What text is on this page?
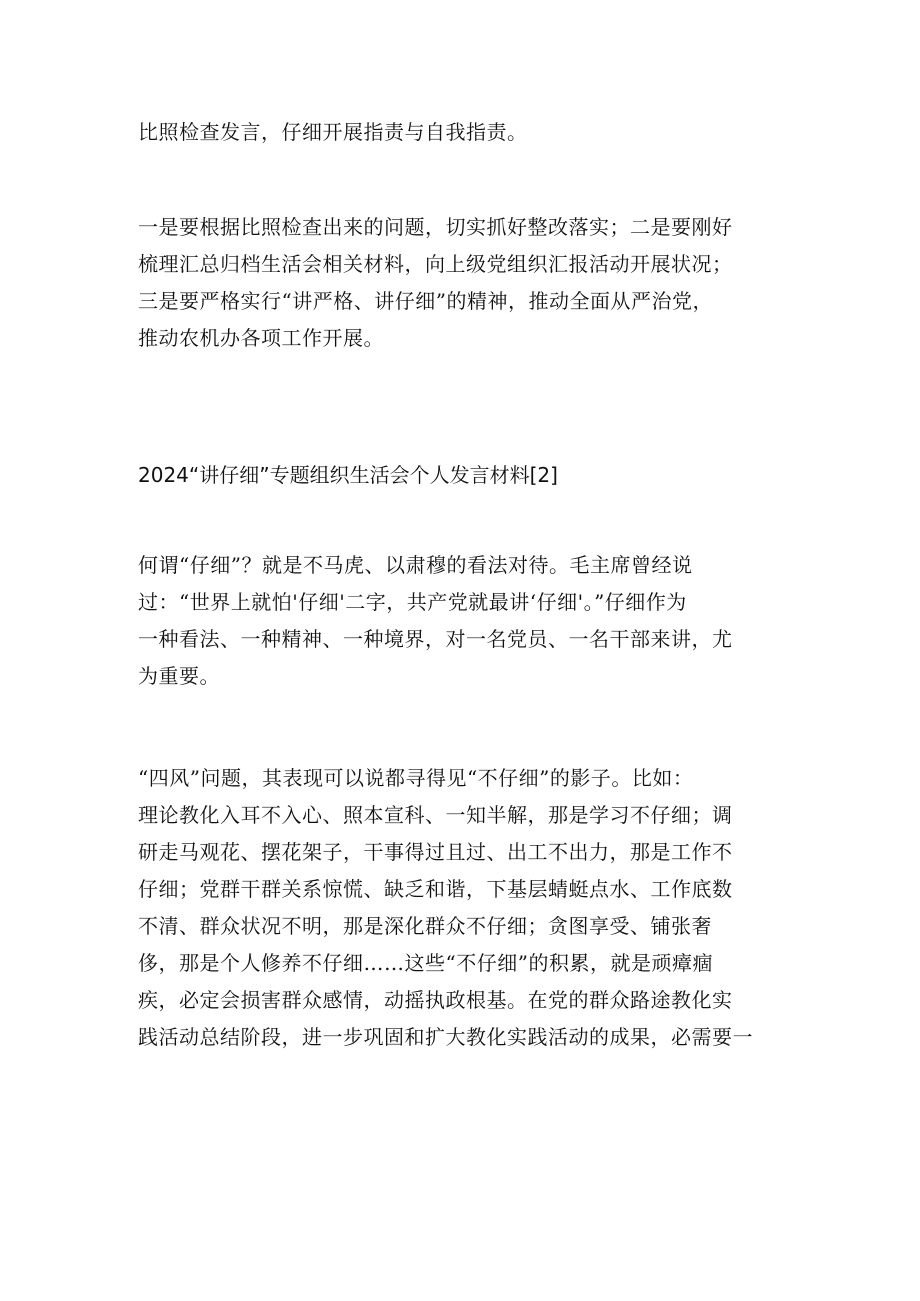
比照检查发言，仔细开展指责与自我指责。

一是要根据比照检查出来的问题，切实抓好整改落实；二是要刚好
梳理汇总归档生活会相关材料，向上级党组织汇报活动开展状况；
三是要严格实行“讲严格、讲仔细”的精神，推动全面从严治党，
推动农机办各项工作开展。

2024“讲仔细”专题组织生活会个人发言材料[2]

何谓“仔细”？就是不马虎、以肃穆的看法对待。毛主席曾经说
过：“世界上就怕'仔细'二字，共产党就最讲‘仔细'。”仔细作为
一种看法、一种精神、一种境界，对一名党员、一名干部来讲，尤
为重要。

“四风”问题，其表现可以说都寻得见“不仔细”的影子。比如：
理论教化入耳不入心、照本宣科、一知半解，那是学习不仔细；调
研走马观花、摆花架子，干事得过且过、出工不出力，那是工作不
仔细；党群干群关系惊慌、缺乏和谐，下基层蜻蜓点水、工作底数
不清、群众状况不明，那是深化群众不仔细；贪图享受、铺张奢
侈，那是个人修养不仔细……这些“不仔细”的积累，就是顽瘴痼
疾，必定会损害群众感情，动摇执政根基。在党的群众路途教化实
践活动总结阶段，进一步巩固和扩大教化实践活动的成果，必需要一
